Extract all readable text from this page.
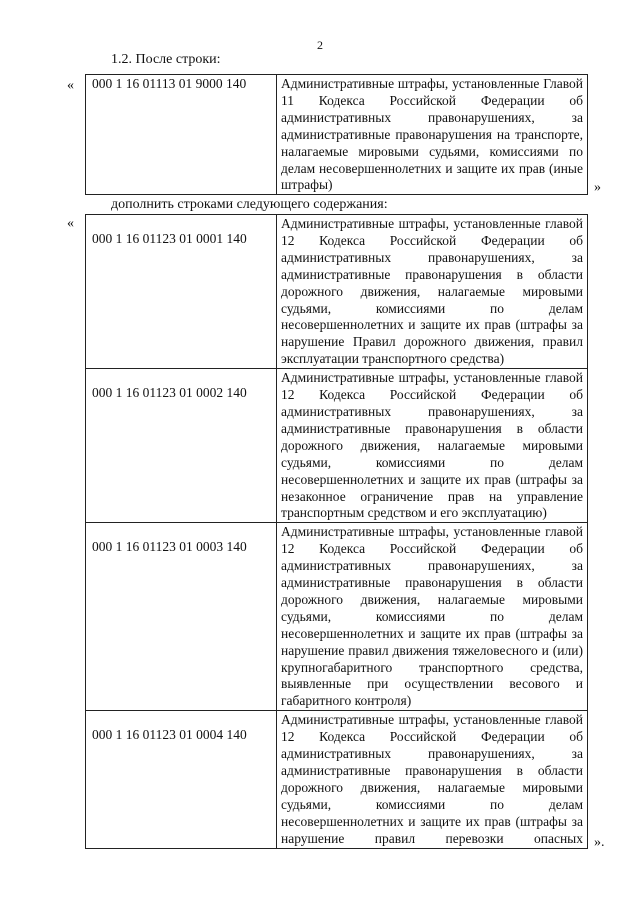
2
1.2. После строки:
« 000 1 16 01113 01 9000 140	Административные штрафы, установленные Главой 11 Кодекса Российской Федерации об административных правонарушениях, за административные правонарушения на транспорте, налагаемые мировыми судьями, комиссиями по делам несовершеннолетних и защите их прав (иные штрафы)	»
дополнить строками следующего содержания:
«
000 1 16 01123 01 0001 140	Административные штрафы, установленные главой 12 Кодекса Российской Федерации об административных правонарушениях, за административные правонарушения в области дорожного движения, налагаемые мировыми судьями, комиссиями по делам несовершеннолетних и защите их прав (штрафы за нарушение Правил дорожного движения, правил эксплуатации транспортного средства)

000 1 16 01123 01 0002 140	Административные штрафы, установленные главой 12 Кодекса Российской Федерации об административных правонарушениях, за административные правонарушения в области дорожного движения, налагаемые мировыми судьями, комиссиями по делам несовершеннолетних и защите их прав (штрафы за незаконное ограничение прав на управление транспортным средством и его эксплуатацию)

000 1 16 01123 01 0003 140	Административные штрафы, установленные главой 12 Кодекса Российской Федерации об административных правонарушениях, за административные правонарушения в области дорожного движения, налагаемые мировыми судьями, комиссиями по делам несовершеннолетних и защите их прав (штрафы за нарушение правил движения тяжеловесного и (или) крупногабаритного транспортного средства, выявленные при осуществлении весового и габаритного контроля)

000 1 16 01123 01 0004 140	Административные штрафы, установленные главой 12 Кодекса Российской Федерации об административных правонарушениях, за административные правонарушения в области дорожного движения, налагаемые мировыми судьями, комиссиями по делам несовершеннолетних и защите их прав (штрафы за нарушение правил перевозки опасных ».
